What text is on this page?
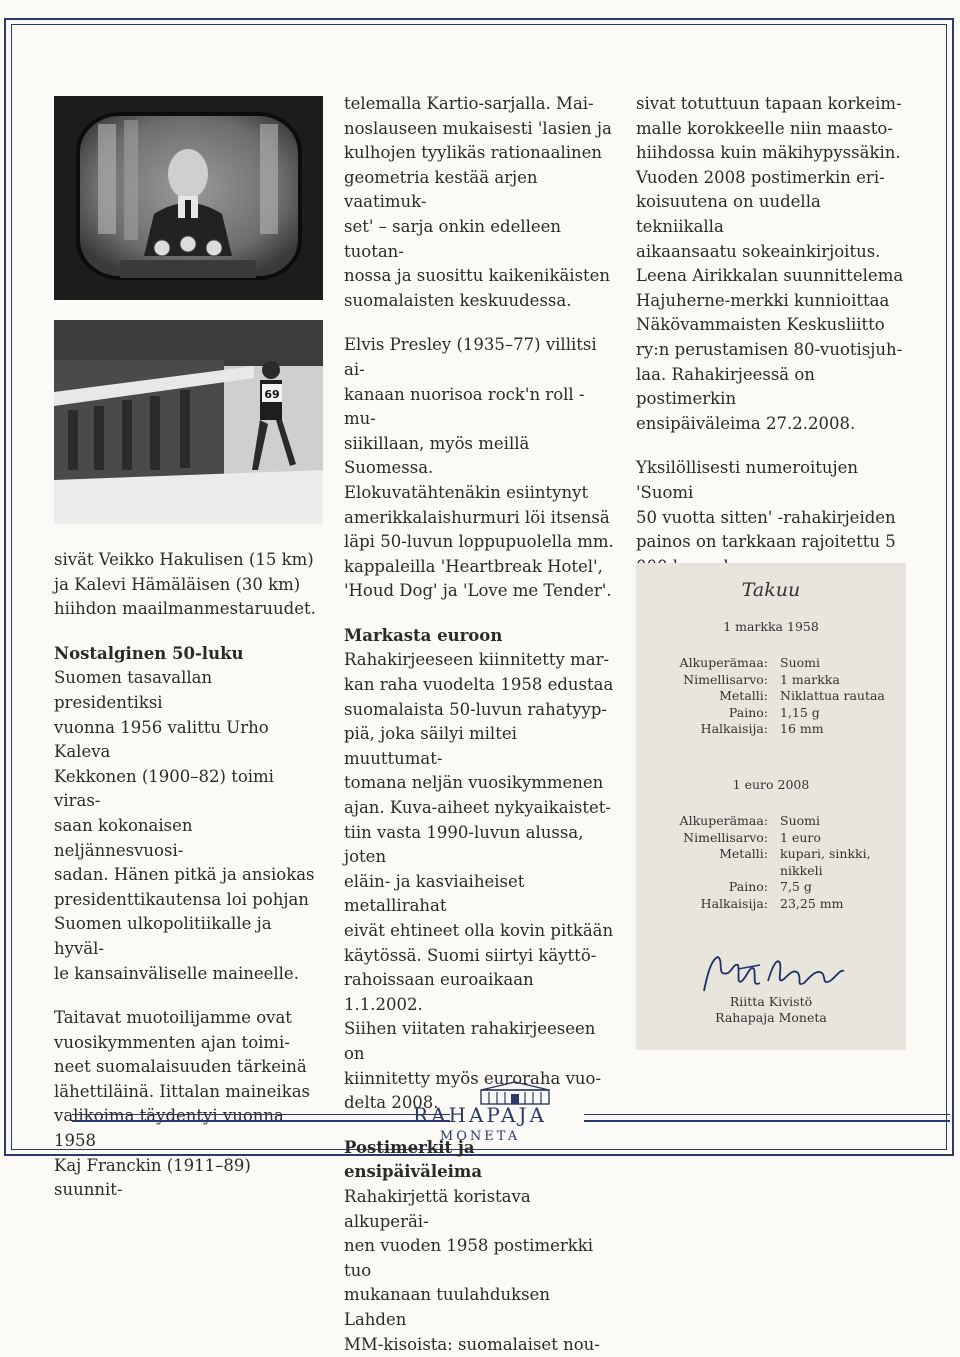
69

sivät Veikko Hakulisen (15 km)
ja Kalevi Hämäläisen (30 km)
hiihdon maailmanmestaruudet.

Nostalginen 50-luku

Suomen tasavallan presidentiksi
vuonna 1956 valittu Urho Kaleva
Kekkonen (1900–82) toimi viras-
saan kokonaisen neljännesvuosi-
sadan. Hänen pitkä ja ansiokas
presidenttikautensa loi pohjan
Suomen ulkopolitiikalle ja hyväl-
le kansainväliselle maineelle.

Taitavat muotoilijamme ovat
vuosikymmenten ajan toimi-
neet suomalaisuuden tärkeinä
lähettiläinä. Iittalan maineikas
valikoima täydentyi vuonna 1958
Kaj Franckin (1911–89) suunnit-

telemalla Kartio-sarjalla. Mai-
noslauseen mukaisesti 'lasien ja
kulhojen tyylikäs rationaalinen
geometria kestää arjen vaatimuk-
set' – sarja onkin edelleen tuotan-
nossa ja suosittu kaikenikäisten
suomalaisten keskuudessa.

Elvis Presley (1935–77) villitsi ai-
kanaan nuorisoa rock'n roll -mu-
siikillaan, myös meillä Suomessa.
Elokuvatähtenäkin esiintynyt
amerikkalaishurmuri löi itsensä
läpi 50-luvun loppupuolella mm.
kappaleilla 'Heartbreak Hotel',
'Houd Dog' ja 'Love me Tender'.

Markasta euroon

Rahakirjeeseen kiinnitetty mar-
kan raha vuodelta 1958 edustaa
suomalaista 50-luvun rahatyyp-
piä, joka säilyi miltei muuttumat-
tomana neljän vuosikymmenen
ajan. Kuva-aiheet nykyaikaistet-
tiin vasta 1990-luvun alussa, joten
eläin- ja kasviaiheiset metallirahat
eivät ehtineet olla kovin pitkään
käytössä. Suomi siirtyi käyttö-
rahoissaan euroaikaan 1.1.2002.
Siihen viitaten rahakirjeeseen on
kiinnitetty myös euroraha vuo-
delta 2008.

Postimerkit ja ensipäiväleima

Rahakirjettä koristava alkuperäi-
nen vuoden 1958 postimerkki tuo
mukanaan tuulahduksen Lahden
MM-kisoista: suomalaiset nou-

sivat totuttuun tapaan korkeim-
malle korokkeelle niin maasto-
hiihdossa kuin mäkihypyssäkin.
Vuoden 2008 postimerkin eri-
koisuutena on uudella tekniikalla
aikaansaatu sokeainkirjoitus.
Leena Airikkalan suunnittelema
Hajuherne-merkki kunnioittaa
Näkövammaisten Keskusliitto
ry:n perustamisen 80-vuotisjuh-
laa. Rahakirjeessä on postimerkin
ensipäiväleima 27.2.2008.

Yksilöllisesti numeroitujen 'Suomi
50 vuotta sitten' -rahakirjeiden
painos on tarkkaan rajoitettu 5

Takuu
1 markka 1958
Alkuperämaa:	Suomi
Nimellisarvo:	1 markka
Metalli:	Niklattua rautaa
Paino:	1,15 g
Halkaisija:	16 mm
1 euro 2008
Alkuperämaa:	Suomi
Nimellisarvo:	1 euro
Metalli:	kupari, sinkki,
nikkeli
Paino:	7,5 g
Halkaisija:	23,25 mm
Riitta Kivistö
Rahapaja Moneta
RAHAPAJA
MONETA
